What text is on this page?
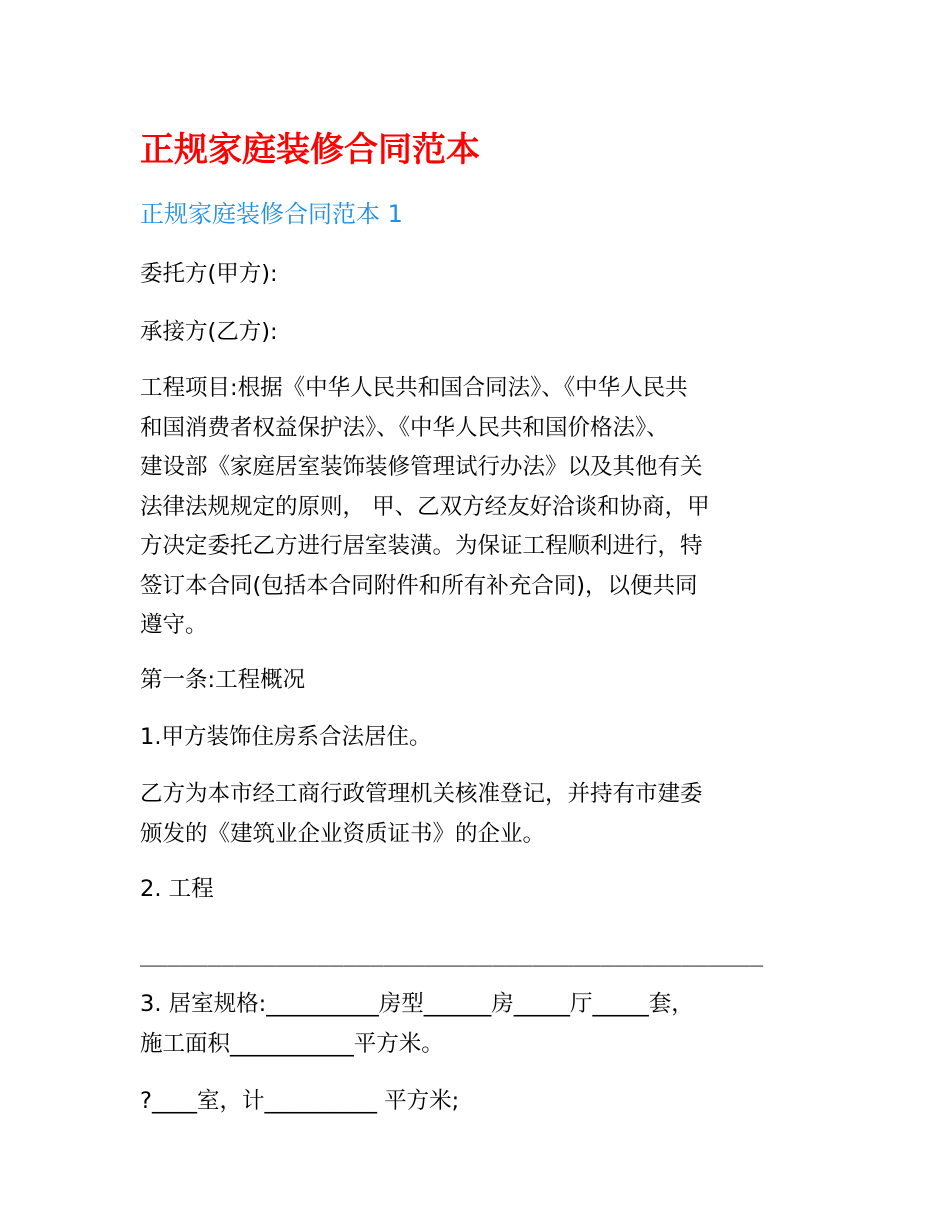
正规家庭装修合同范本
正规家庭装修合同范本 1

委托方(甲方):

承接方(乙方):

工程项目:根据《中华人民共和国合同法》、《中华人民共
和国消费者权益保护法》、《中华人民共和国价格法》、
建设部《家庭居室装饰装修管理试行办法》以及其他有关
法律法规规定的原则， 甲、乙双方经友好洽谈和协商，甲
方决定委托乙方进行居室装潢。为保证工程顺利进行，特
签订本合同(包括本合同附件和所有补充合同)，以便共同
遵守。

第一条:工程概况

1.甲方装饰住房系合法居住。

乙方为本市经工商行政管理机关核准登记，并持有市建委
颁发的《建筑业企业资质证书》的企业。

2. 工程

______________________________________________

3. 居室规格:__________房型______房_____厅_____套，
施工面积___________平方米。

?____室，计__________ 平方米;
